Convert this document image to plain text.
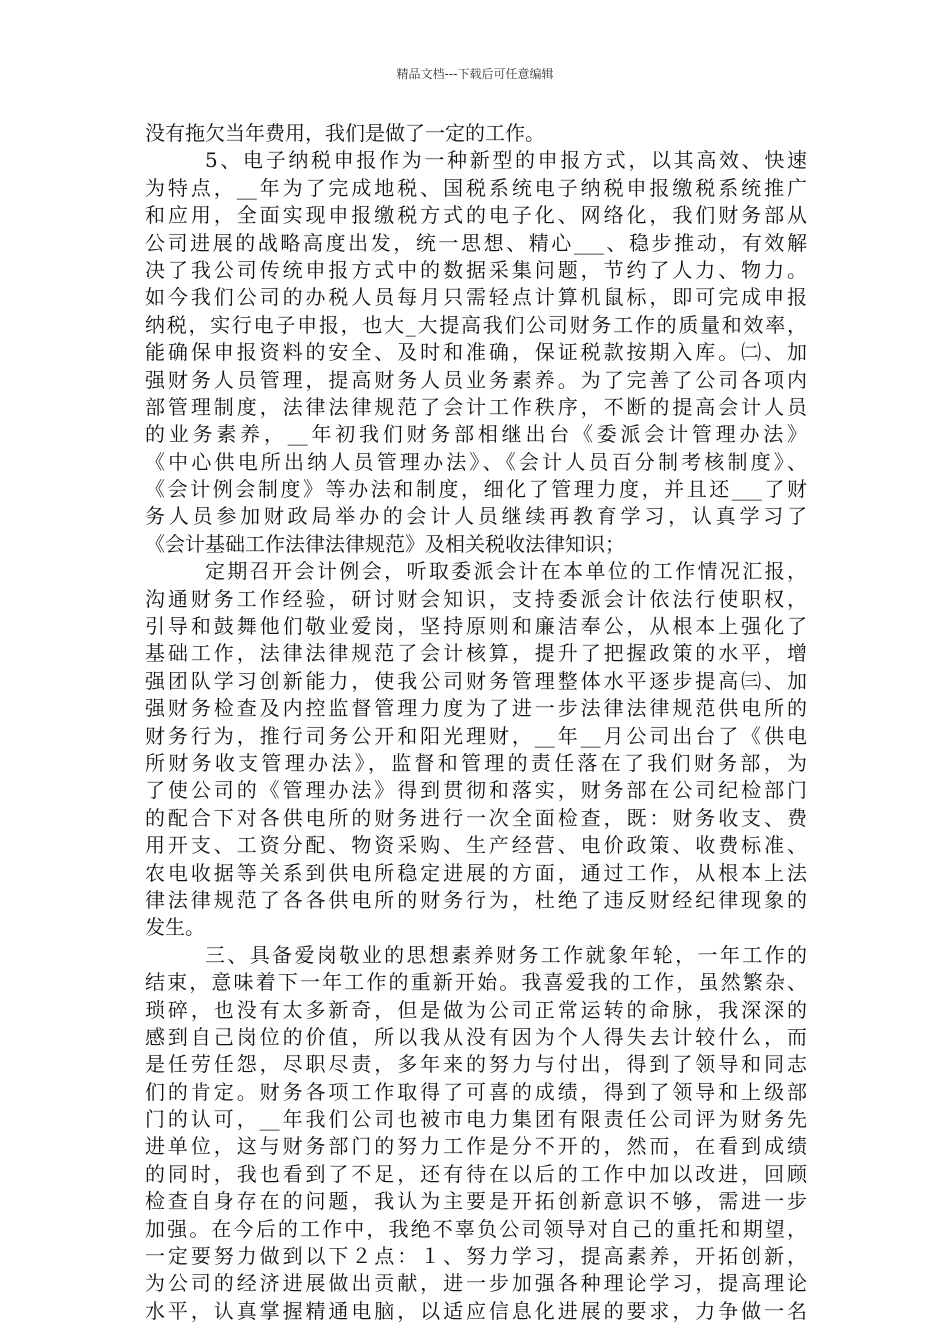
精品文档---下载后可任意编辑
没有拖欠当年费用，我们是做了一定的工作。
5、电子纳税申报作为一种新型的申报方式，以其高效、快速
为特点，__年为了完成地税、国税系统电子纳税申报缴税系统推广
和应用，全面实现申报缴税方式的电子化、网络化，我们财务部从
公司进展的战略高度出发，统一思想、精心___、稳步推动，有效解
决了我公司传统申报方式中的数据采集问题，节约了人力、物力。
如今我们公司的办税人员每月只需轻点计算机鼠标，即可完成申报
纳税，实行电子申报，也大_大提高我们公司财务工作的质量和效率，
能确保申报资料的安全、及时和准确，保证税款按期入库。㈡、加
强财务人员管理，提高财务人员业务素养。为了完善了公司各项内
部管理制度，法律法律规范了会计工作秩序，不断的提高会计人员
的业务素养，__年初我们财务部相继出台《委派会计管理办法》
《中心供电所出纳人员管理办法》、《会计人员百分制考核制度》、
《会计例会制度》等办法和制度，细化了管理力度，并且还___了财
务人员参加财政局举办的会计人员继续再教育学习，认真学习了
《会计基础工作法律法律规范》及相关税收法律知识；
定期召开会计例会，听取委派会计在本单位的工作情况汇报，
沟通财务工作经验，研讨财会知识，支持委派会计依法行使职权，
引导和鼓舞他们敬业爱岗，坚持原则和廉洁奉公，从根本上强化了
基础工作，法律法律规范了会计核算，提升了把握政策的水平，增
强团队学习创新能力，使我公司财务管理整体水平逐步提高㈢、加
强财务检查及内控监督管理力度为了进一步法律法律规范供电所的
财务行为，推行司务公开和阳光理财，__年__月公司出台了《供电
所财务收支管理办法》，监督和管理的责任落在了我们财务部，为
了使公司的《管理办法》得到贯彻和落实，财务部在公司纪检部门
的配合下对各供电所的财务进行一次全面检查，既：财务收支、费
用开支、工资分配、物资采购、生产经营、电价政策、收费标准、
农电收据等关系到供电所稳定进展的方面，通过工作，从根本上法
律法律规范了各各供电所的财务行为，杜绝了违反财经纪律现象的
发生。
三、具备爱岗敬业的思想素养财务工作就象年轮，一年工作的
结束，意味着下一年工作的重新开始。我喜爱我的工作，虽然繁杂、
琐碎，也没有太多新奇，但是做为公司正常运转的命脉，我深深的
感到自己岗位的价值，所以我从没有因为个人得失去计较什么，而
是任劳任怨，尽职尽责，多年来的努力与付出，得到了领导和同志
们的肯定。财务各项工作取得了可喜的成绩，得到了领导和上级部
门的认可，__年我们公司也被市电力集团有限责任公司评为财务先
进单位，这与财务部门的努力工作是分不开的，然而，在看到成绩
的同时，我也看到了不足，还有待在以后的工作中加以改进，回顾
检查自身存在的问题，我认为主要是开拓创新意识不够，需进一步
加强。在今后的工作中，我绝不辜负公司领导对自己的重托和期望，
一定要努力做到以下２点：１、努力学习，提高素养，开拓创新，
为公司的经济进展做出贡献，进一步加强各种理论学习，提高理论
水平，认真掌握精通电脑，以适应信息化进展的要求，力争做一名
